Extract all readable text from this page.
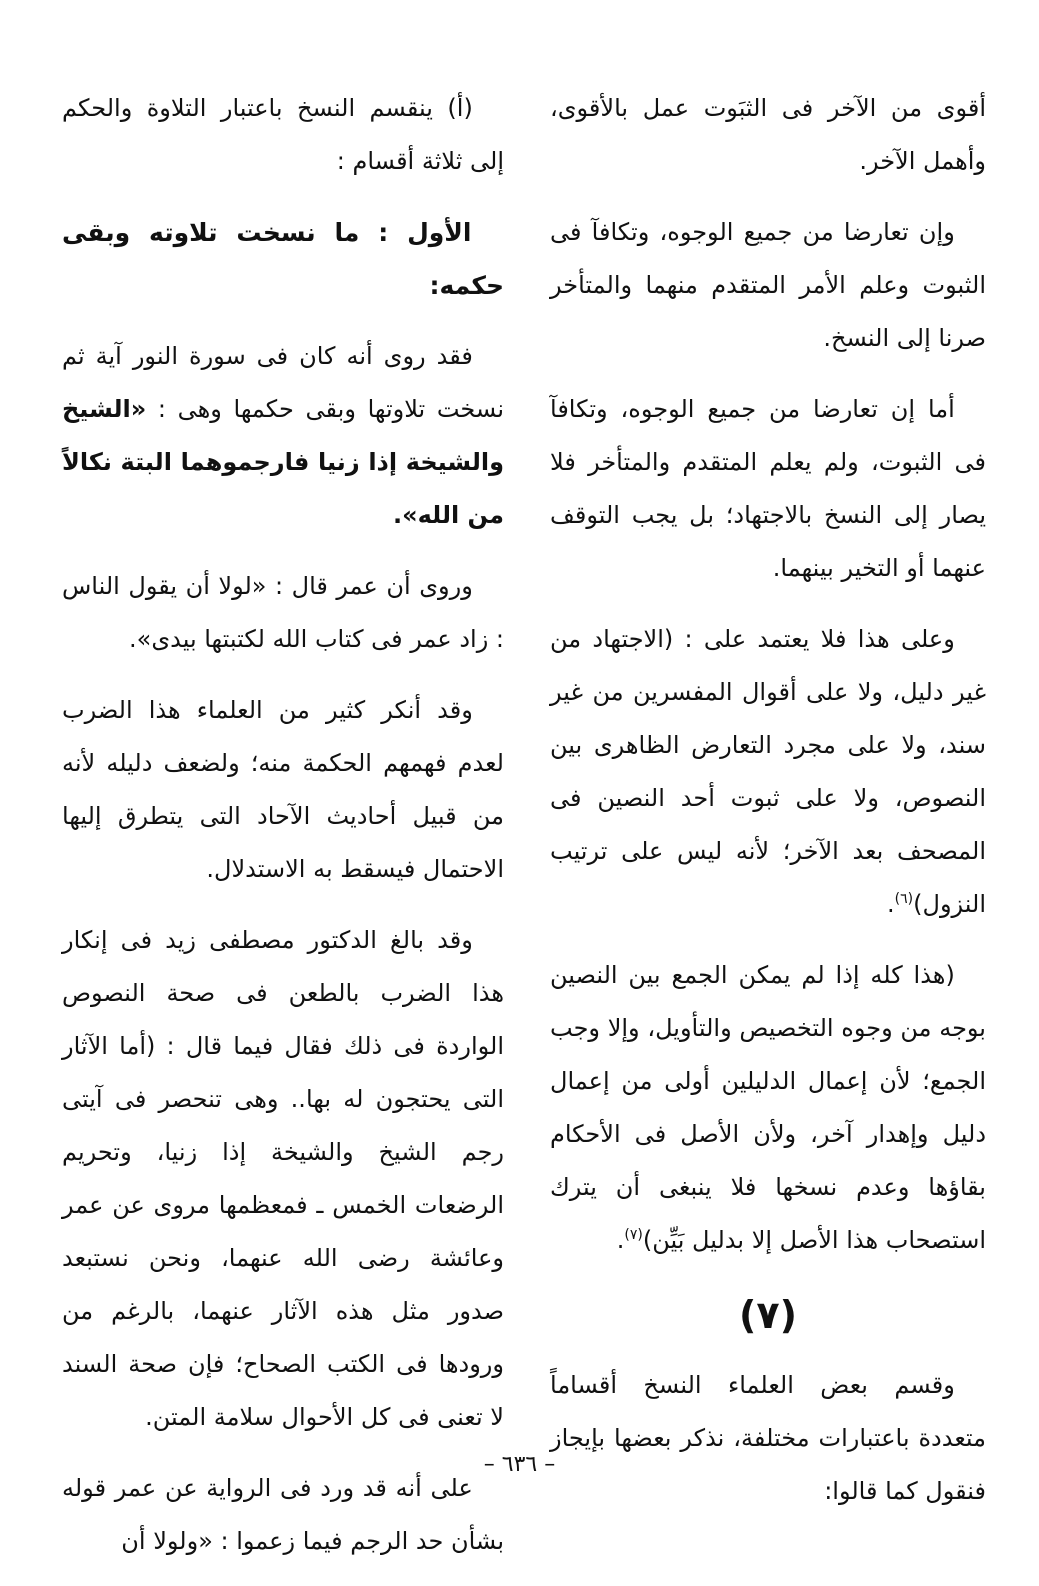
أقوى من الآخر فى الثبَوت عمل بالأقوى، وأهمل الآخر.

وإن تعارضا من جميع الوجوه، وتكافآ فى الثبوت وعلم الأمر المتقدم منهما والمتأخر صرنا إلى النسخ.

أما إن تعارضا من جميع الوجوه، وتكافآ فى الثبوت، ولم يعلم المتقدم والمتأخر فلا يصار إلى النسخ بالاجتهاد؛ بل يجب التوقف عنهما أو التخير بينهما.

وعلى هذا فلا يعتمد على : (الاجتهاد من غير دليل، ولا على أقوال المفسرين من غير سند، ولا على مجرد التعارض الظاهرى بين النصوص، ولا على ثبوت أحد النصين فى المصحف بعد الآخر؛ لأنه ليس على ترتيب النزول)$^{(٦)}$.

(هذا كله إذا لم يمكن الجمع بين النصين بوجه من وجوه التخصيص والتأويل، وإلا وجب الجمع؛ لأن إعمال الدليلين أولى من إعمال دليل وإهدار آخر، ولأن الأصل فى الأحكام بقاؤها وعدم نسخها فلا ينبغى أن يترك استصحاب هذا الأصل إلا بدليل بَيِّن)$^{(٧)}$.

(٧)

وقسم بعض العلماء النسخ أقساماً متعددة باعتبارات مختلفة، نذكر بعضها بإيجاز فنقول كما قالوا:

(أ) ينقسم النسخ باعتبار التلاوة والحكم إلى ثلاثة أقسام :

الأول : ما نسخت تلاوته وبقى حكمه:

فقد روى أنه كان فى سورة النور آية ثم نسخت تلاوتها وبقى حكمها وهى : «الشيخ والشيخة إذا زنيا فارجموهما البتة نكالاً من الله».

وروى أن عمر قال : «لولا أن يقول الناس : زاد عمر فى كتاب الله لكتبتها بيدى».

وقد أنكر كثير من العلماء هذا الضرب لعدم فهمهم الحكمة منه؛ ولضعف دليله لأنه من قبيل أحاديث الآحاد التى يتطرق إليها الاحتمال فيسقط به الاستدلال.

وقد بالغ الدكتور مصطفى زيد فى إنكار هذا الضرب بالطعن فى صحة النصوص الواردة فى ذلك فقال فيما قال : (أما الآثار التى يحتجون له بها.. وهى تنحصر فى آيتى رجم الشيخ والشيخة إذا زنيا، وتحريم الرضعات الخمس ـ فمعظمها مروى عن عمر وعائشة رضى الله عنهما، ونحن نستبعد صدور مثل هذه الآثار عنهما، بالرغم من ورودها فى الكتب الصحاح؛ فإن صحة السند لا تعنى فى كل الأحوال سلامة المتن.

على أنه قد ورد فى الرواية عن عمر قوله بشأن حد الرجم فيما زعموا : «ولولا أن

– ٦٣٦ –
